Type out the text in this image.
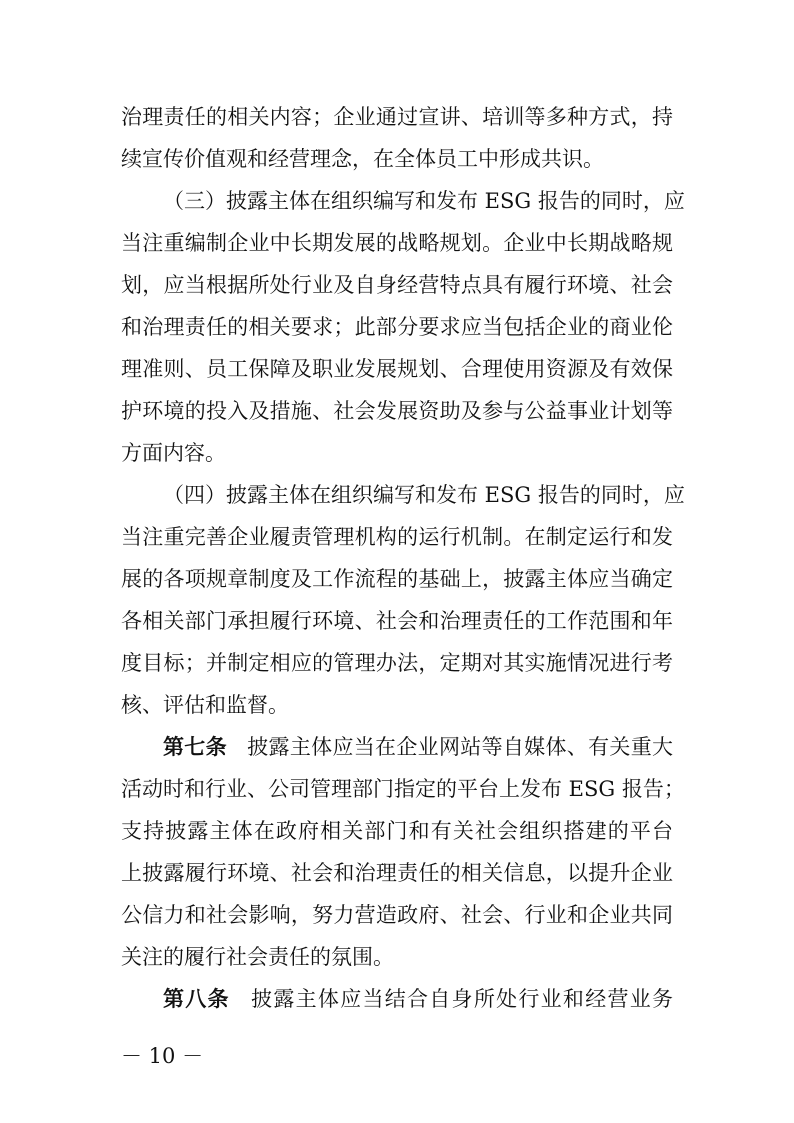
治理责任的相关内容；企业通过宣讲、培训等多种方式，持
续宣传价值观和经营理念，在全体员工中形成共识。
（三）披露主体在组织编写和发布 ESG 报告的同时，应
当注重编制企业中长期发展的战略规划。企业中长期战略规
划，应当根据所处行业及自身经营特点具有履行环境、社会
和治理责任的相关要求；此部分要求应当包括企业的商业伦
理准则、员工保障及职业发展规划、合理使用资源及有效保
护环境的投入及措施、社会发展资助及参与公益事业计划等
方面内容。
（四）披露主体在组织编写和发布 ESG 报告的同时，应
当注重完善企业履责管理机构的运行机制。在制定运行和发
展的各项规章制度及工作流程的基础上，披露主体应当确定
各相关部门承担履行环境、社会和治理责任的工作范围和年
度目标；并制定相应的管理办法，定期对其实施情况进行考
核、评估和监督。
第七条 披露主体应当在企业网站等自媒体、有关重大
活动时和行业、公司管理部门指定的平台上发布 ESG 报告；
支持披露主体在政府相关部门和有关社会组织搭建的平台
上披露履行环境、社会和治理责任的相关信息，以提升企业
公信力和社会影响，努力营造政府、社会、行业和企业共同
关注的履行社会责任的氛围。
第八条 披露主体应当结合自身所处行业和经营业务
－ 10 －
